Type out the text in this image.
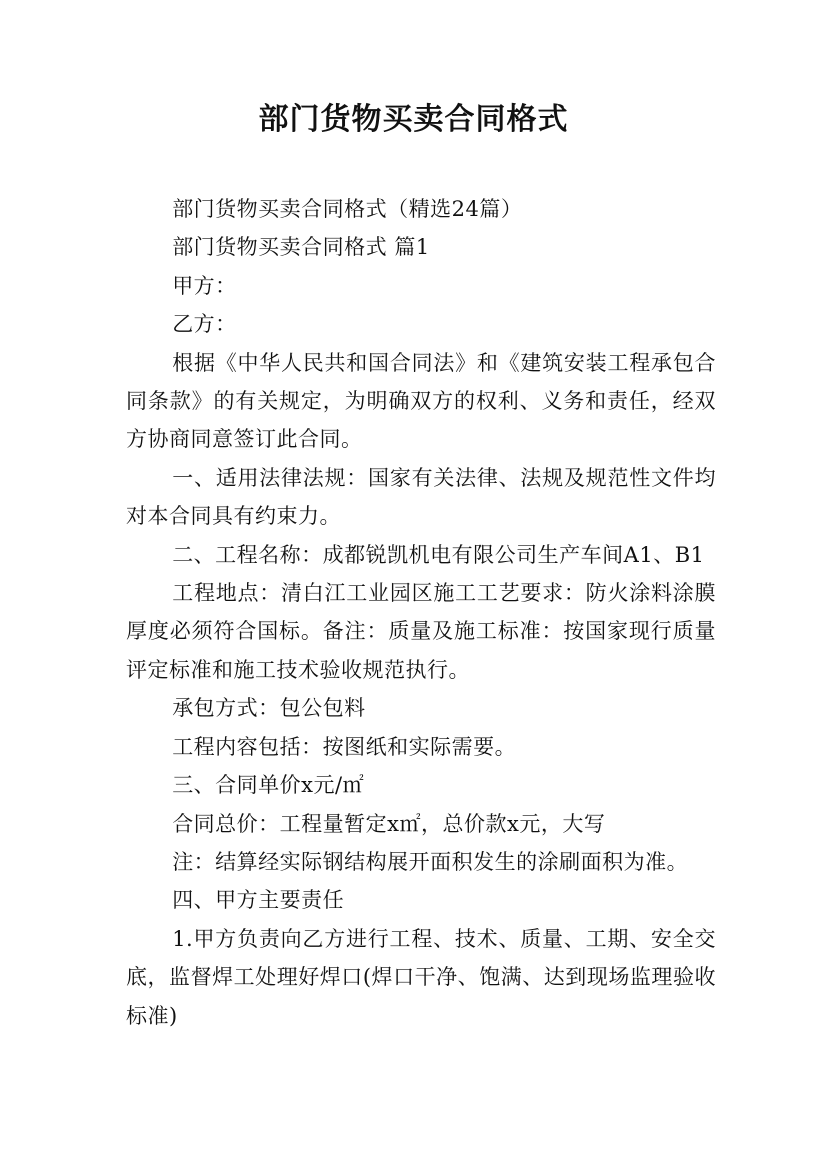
部门货物买卖合同格式

部门货物买卖合同格式（精选24篇）

部门货物买卖合同格式 篇1

甲方：

乙方：

根据《中华人民共和国合同法》和《建筑安装工程承包合同条款》的有关规定，为明确双方的权利、义务和责任，经双方协商同意签订此合同。

一、适用法律法规：国家有关法律、法规及规范性文件均对本合同具有约束力。

二、工程名称：成都锐凯机电有限公司生产车间A1、B1

工程地点：清白江工业园区施工工艺要求：防火涂料涂膜厚度必须符合国标。备注：质量及施工标准：按国家现行质量评定标准和施工技术验收规范执行。

承包方式：包公包料

工程内容包括：按图纸和实际需要。

三、合同单价x元/㎡

合同总价：工程量暂定x㎡，总价款x元，大写

注：结算经实际钢结构展开面积发生的涂刷面积为准。

四、甲方主要责任

1.甲方负责向乙方进行工程、技术、质量、工期、安全交底，监督焊工处理好焊口(焊口干净、饱满、达到现场监理验收标准)
